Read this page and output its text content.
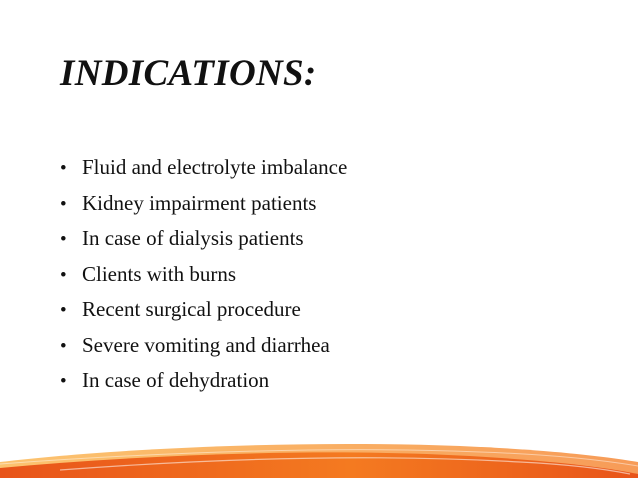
INDICATIONS:
• Fluid and electrolyte imbalance
• Kidney impairment patients
• In case of dialysis patients
• Clients with burns
• Recent surgical procedure
• Severe vomiting and diarrhea
• In case of dehydration
